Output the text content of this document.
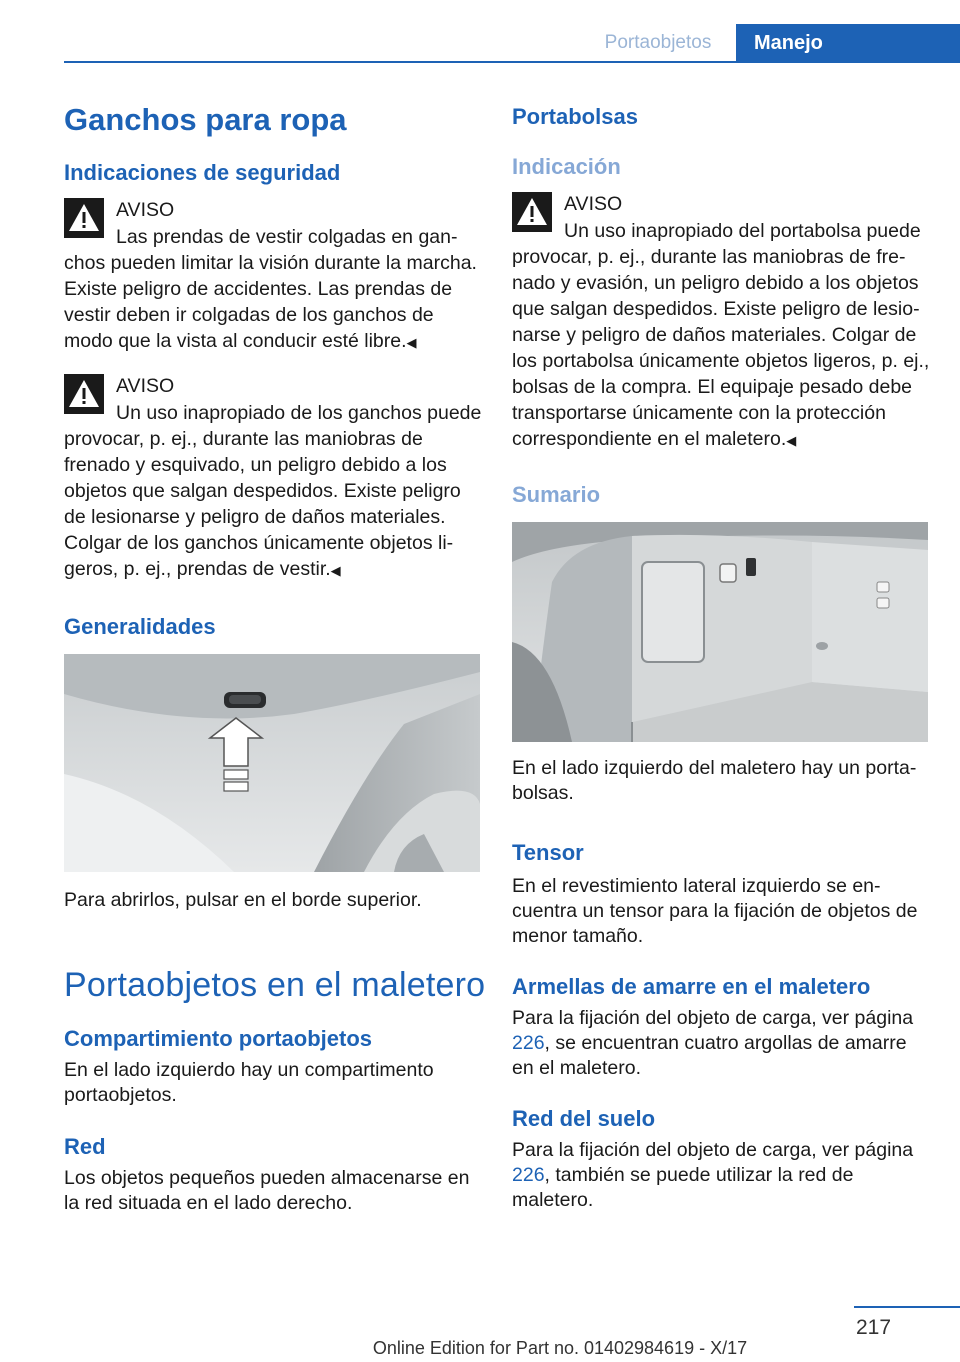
Portaobjetos	Manejo
Ganchos para ropa
Indicaciones de seguridad
AVISO

Las prendas de vestir colgadas en ganchos pueden limitar la visión durante la marcha. Existe peligro de accidentes. Las prendas de vestir deben ir colgadas de los ganchos de modo que la vista al conducir esté libre.◀

AVISO

Un uso inapropiado de los ganchos puede provocar, p. ej., durante las maniobras de frenado y esquivado, un peligro debido a los objetos que salgan despedidos. Existe peligro de lesionarse y peligro de daños materiales. Colgar de los ganchos únicamente objetos ligeros, p. ej., prendas de vestir.◀

Generalidades

Para abrirlos, pulsar en el borde superior.

Portaobjetos en el maletero
Compartimiento portaobjetos

En el lado izquierdo hay un compartimento portaobjetos.

Red

Los objetos pequeños pueden almacenarse en la red situada en el lado derecho.

Portabolsas
Indicación
AVISO

Un uso inapropiado del portabolsa puede provocar, p. ej., durante las maniobras de frenado y evasión, un peligro debido a los objetos que salgan despedidos. Existe peligro de lesionarse y peligro de daños materiales. Colgar de los portabolsa únicamente objetos ligeros, p. ej., bolsas de la compra. El equipaje pesado debe transportarse únicamente con la protección correspondiente en el maletero.◀

Sumario

En el lado izquierdo del maletero hay un portabolsas.

Tensor

En el revestimiento lateral izquierdo se encuentra un tensor para la fijación de objetos de menor tamaño.

Armellas de amarre en el maletero

Para la fijación del objeto de carga, ver página 226, se encuentran cuatro argollas de amarre en el maletero.

Red del suelo

Para la fijación del objeto de carga, ver página 226, también se puede utilizar la red de maletero.

217
Online Edition for Part no. 01402984619 - X/17
